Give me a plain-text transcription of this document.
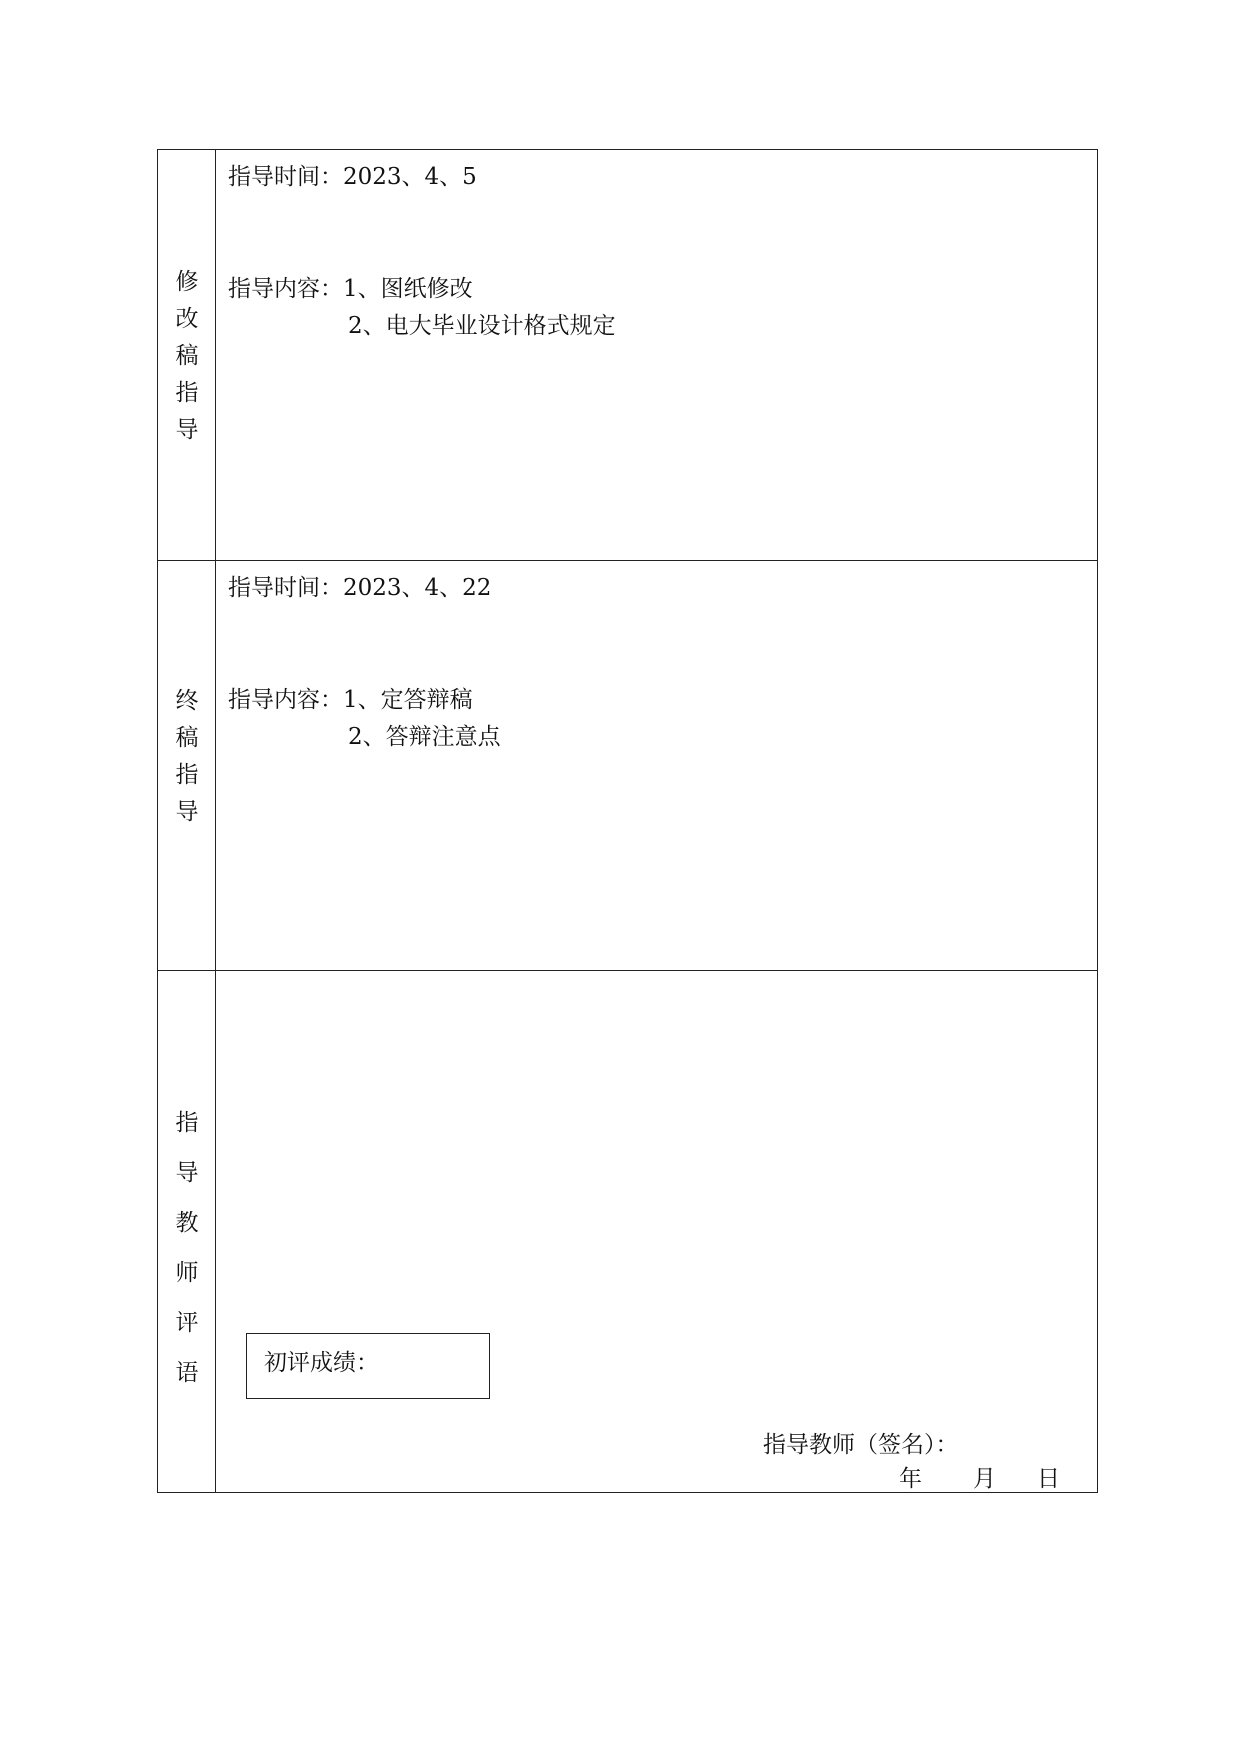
修
改
稿
指
导
指导时间：2023、4、5
指导内容：1、图纸修改
2、电大毕业设计格式规定
终
稿
指
导
指导时间：2023、4、22
指导内容：1、定答辩稿
2、答辩注意点
指
导
教
师
评
语	初评成绩：
指导教师（签名）：
年 月 日
